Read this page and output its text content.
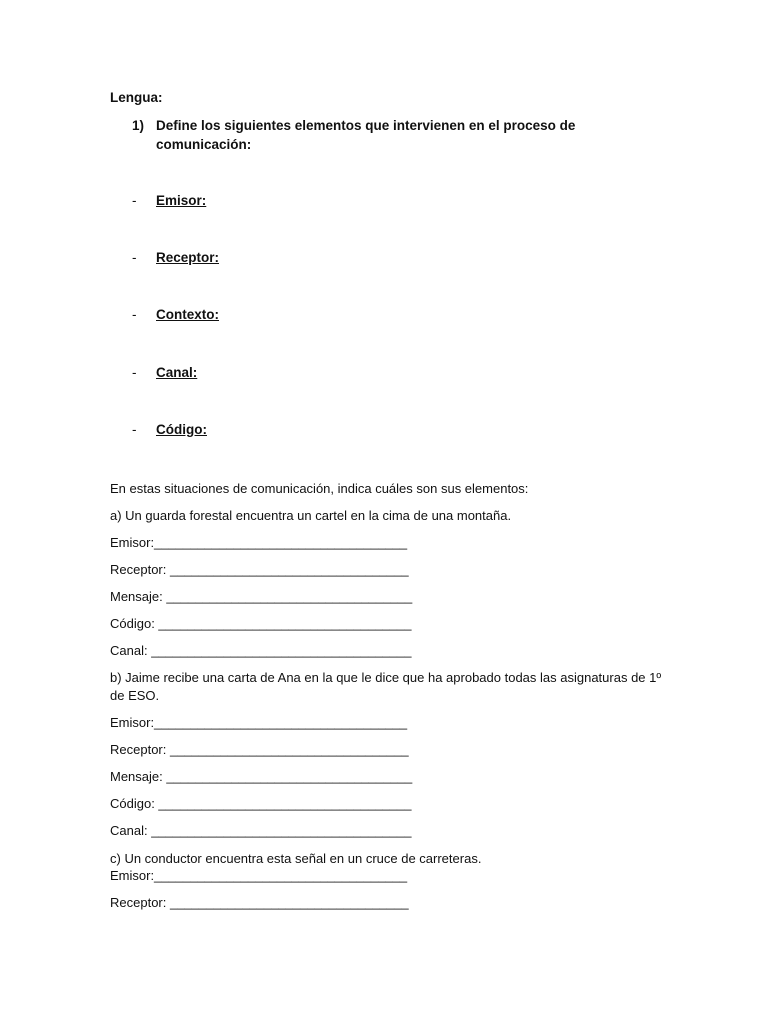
Lengua:
1) Define los siguientes elementos que intervienen en el proceso de
comunicación:
- Emisor:
- Receptor:
- Contexto:
- Canal:
- Código:
En estas situaciones de comunicación, indica cuáles son sus elementos:
a) Un guarda forestal encuentra un cartel en la cima de una montaña.
Emisor:___________________________________
Receptor: _________________________________
Mensaje: __________________________________
Código: ___________________________________
Canal: ____________________________________
b) Jaime recibe una carta de Ana en la que le dice que ha aprobado todas las asignaturas de 1º
de ESO.
Emisor:___________________________________
Receptor: _________________________________
Mensaje: __________________________________
Código: ___________________________________
Canal: ____________________________________
c) Un conductor encuentra esta señal en un cruce de carreteras.
Emisor:___________________________________
Receptor: _________________________________
